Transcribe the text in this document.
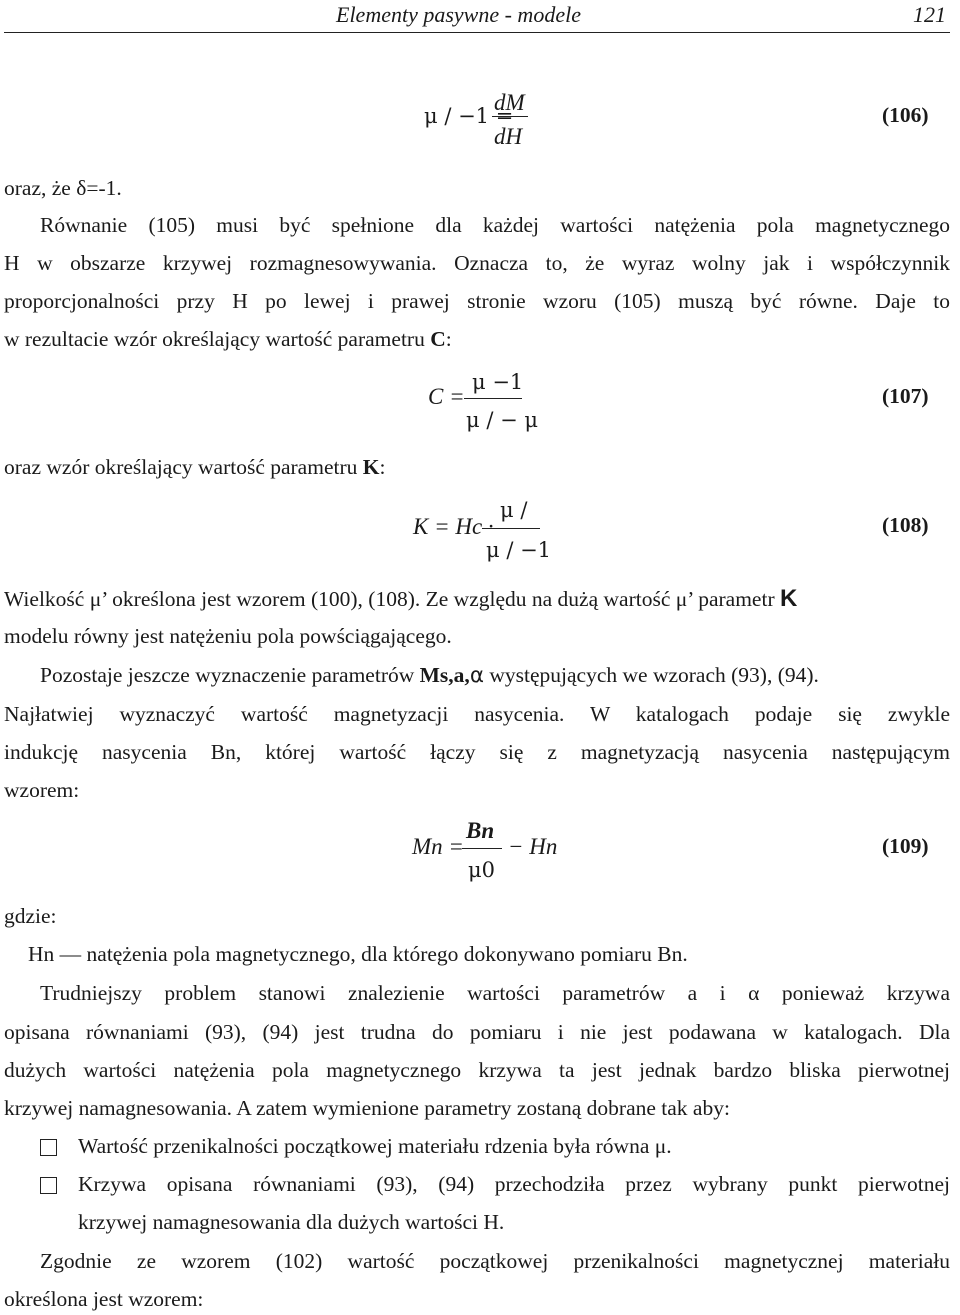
Elementy pasywne - modele	121
μ / −1 =
dM
dH
(106)
oraz, że δ=-1.
Równanie (105) musi być spełnione dla każdej wartości natężenia pola magnetycznego
H w obszarze krzywej rozmagnesowywania. Oznacza to, że wyraz wolny jak i współczynnik
proporcjonalności przy H po lewej i prawej stronie wzoru (105) muszą być równe. Daje to
w rezultacie wzór określający wartość parametru C:
C =
μ −1
μ / − μ
(107)
oraz wzór określający wartość parametru K:
K = Hc ·
μ /
μ / −1
(108)
Wielkość μ’ określona jest wzorem (100), (108). Ze względu na dużą wartość μ’ parametr K
modelu równy jest natężeniu pola powściągającego.
Pozostaje jeszcze wyznaczenie parametrów Ms,a,α występujących we wzorach (93), (94).
Najłatwiej wyznaczyć wartość magnetyzacji nasycenia. W katalogach podaje się zwykle
indukcję nasycenia Bn, której wartość łączy się z magnetyzacją nasycenia następującym
wzorem:
Mn =
Bn
μ0
− Hn	(109)
gdzie:
Hn — natężenia pola magnetycznego, dla którego dokonywano pomiaru Bn.
Trudniejszy problem stanowi znalezienie wartości parametrów a i α ponieważ krzywa
opisana równaniami (93), (94) jest trudna do pomiaru i nie jest podawana w katalogach. Dla
dużych wartości natężenia pola magnetycznego krzywa ta jest jednak bardzo bliska pierwotnej
krzywej namagnesowania. A zatem wymienione parametry zostaną dobrane tak aby:
Wartość przenikalności początkowej materiału rdzenia była równa μ.
Krzywa opisana równaniami (93), (94) przechodziła przez wybrany punkt pierwotnej
krzywej namagnesowania dla dużych wartości H.
Zgodnie ze wzorem (102) wartość początkowej przenikalności magnetycznej materiału
określona jest wzorem:
